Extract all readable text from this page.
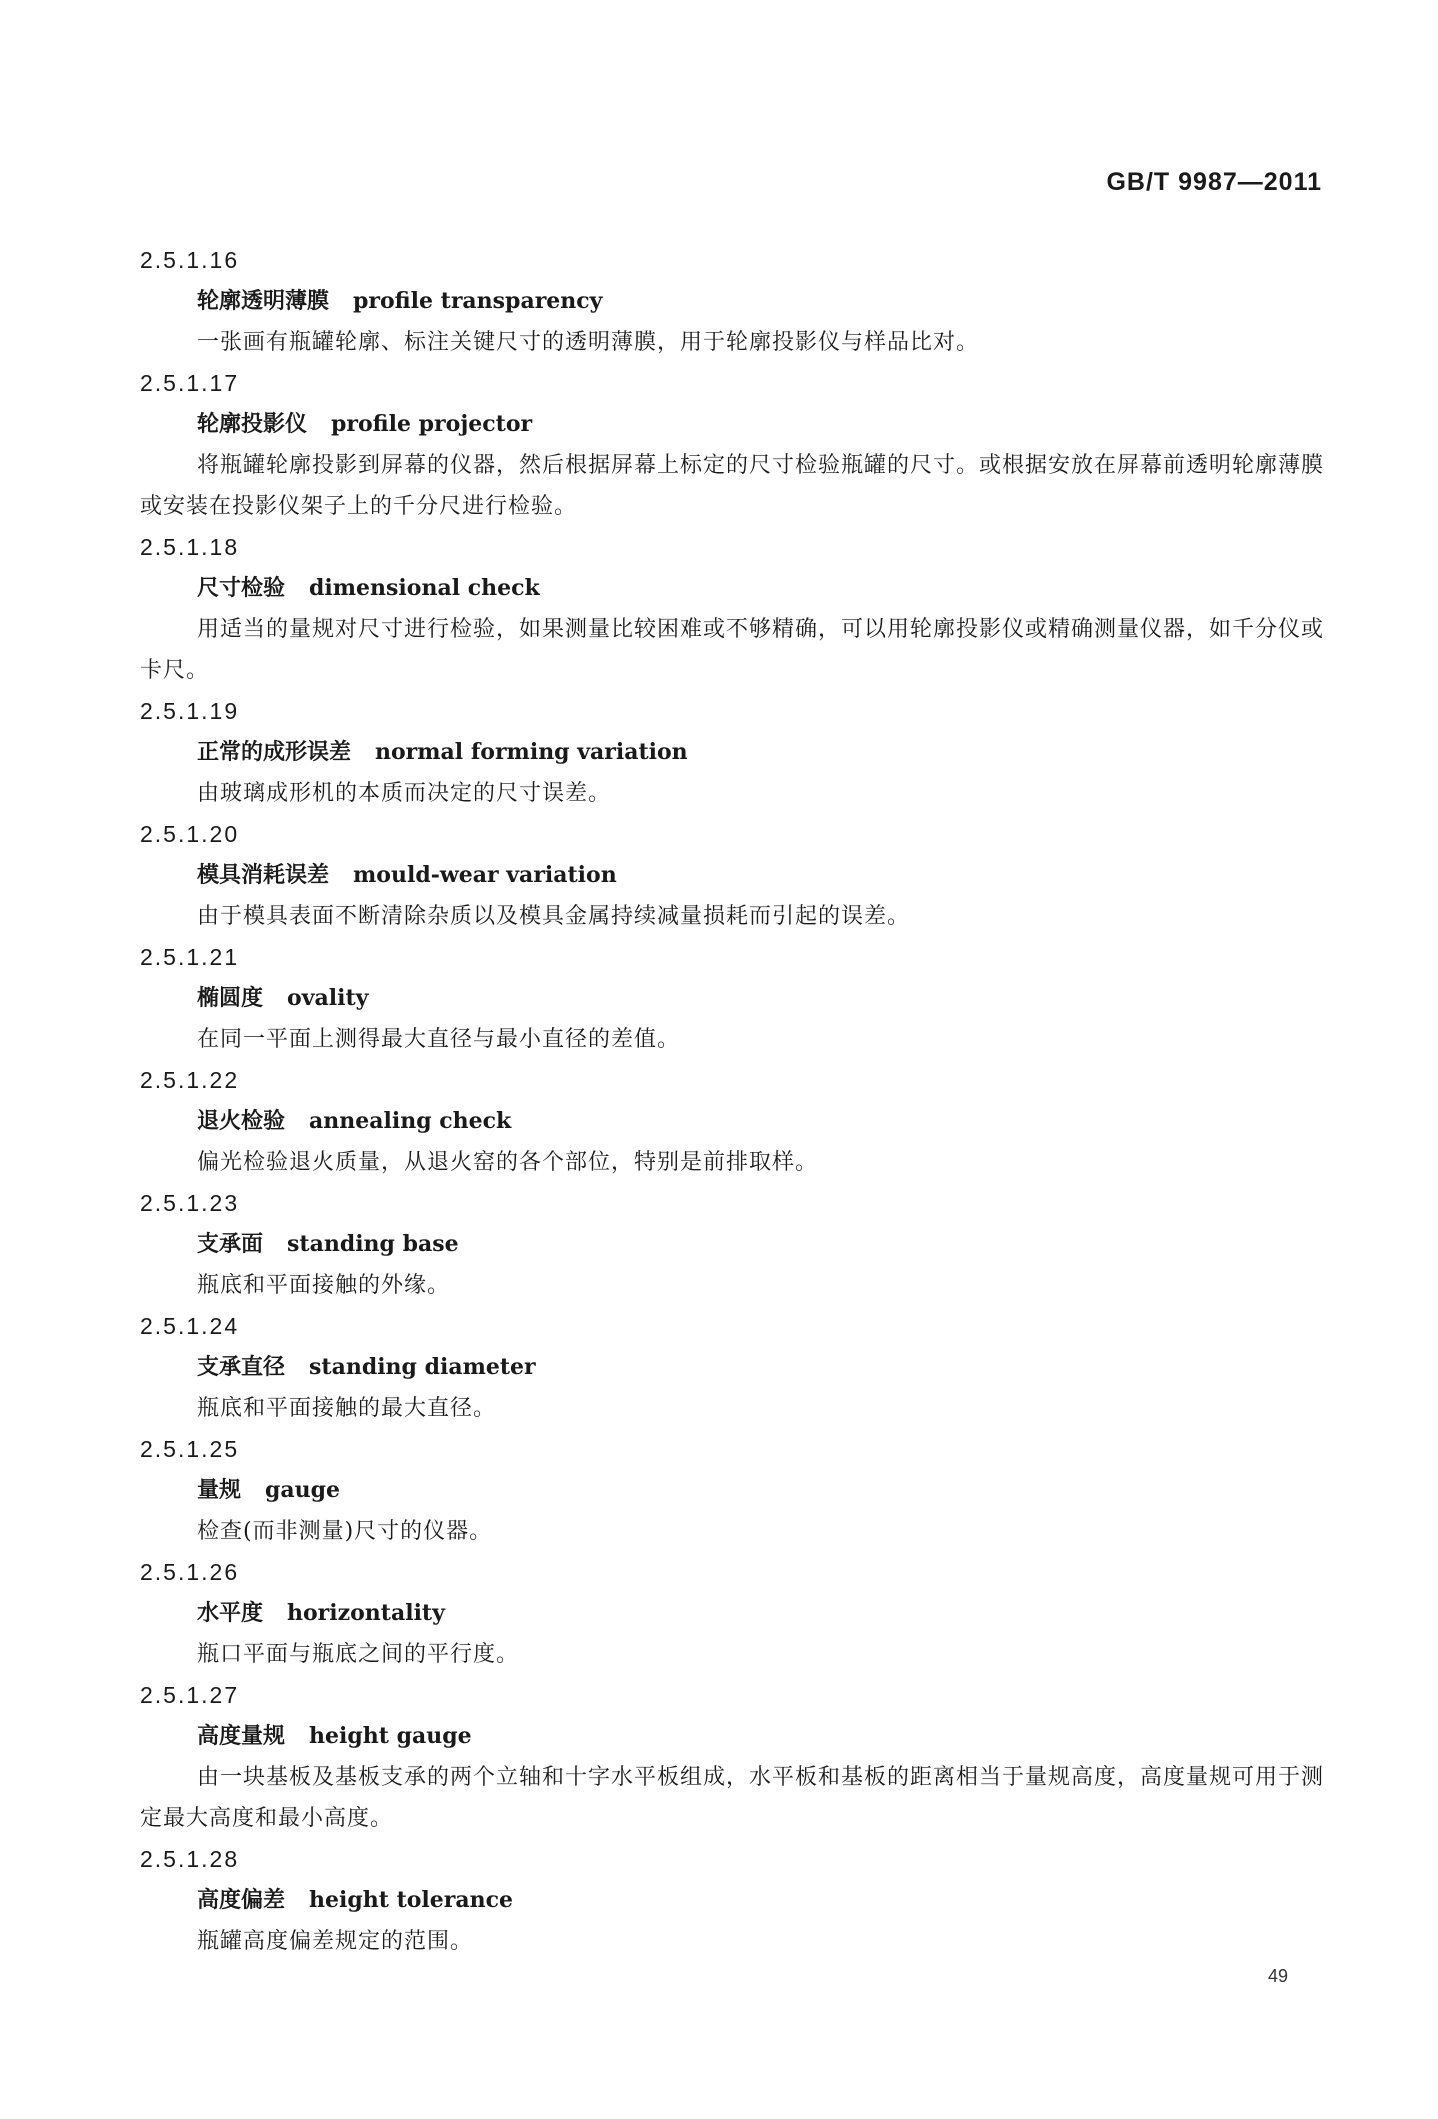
GB/T 9987—2011
2.5.1.16
轮廓透明薄膜 profile transparency
一张画有瓶罐轮廓、标注关键尺寸的透明薄膜，用于轮廓投影仪与样品比对。
2.5.1.17
轮廓投影仪 profile projector
将瓶罐轮廓投影到屏幕的仪器，然后根据屏幕上标定的尺寸检验瓶罐的尺寸。或根据安放在屏幕前透明轮廓薄膜或安装在投影仪架子上的千分尺进行检验。
2.5.1.18
尺寸检验 dimensional check
用适当的量规对尺寸进行检验，如果测量比较困难或不够精确，可以用轮廓投影仪或精确测量仪器，如千分仪或卡尺。
2.5.1.19
正常的成形误差 normal forming variation
由玻璃成形机的本质而决定的尺寸误差。
2.5.1.20
模具消耗误差 mould-wear variation
由于模具表面不断清除杂质以及模具金属持续减量损耗而引起的误差。
2.5.1.21
椭圆度 ovality
在同一平面上测得最大直径与最小直径的差值。
2.5.1.22
退火检验 annealing check
偏光检验退火质量，从退火窑的各个部位，特别是前排取样。
2.5.1.23
支承面 standing base
瓶底和平面接触的外缘。
2.5.1.24
支承直径 standing diameter
瓶底和平面接触的最大直径。
2.5.1.25
量规 gauge
检查(而非测量)尺寸的仪器。
2.5.1.26
水平度 horizontality
瓶口平面与瓶底之间的平行度。
2.5.1.27
高度量规 height gauge
由一块基板及基板支承的两个立轴和十字水平板组成，水平板和基板的距离相当于量规高度，高度量规可用于测定最大高度和最小高度。
2.5.1.28
高度偏差 height tolerance
瓶罐高度偏差规定的范围。
49
